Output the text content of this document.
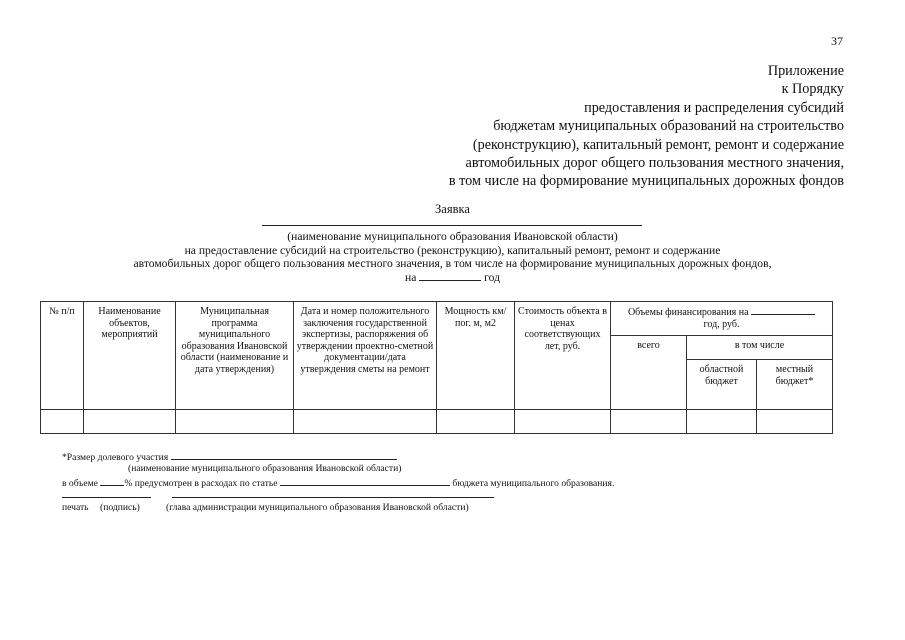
37
Приложение
к Порядку
предоставления и распределения субсидий
бюджетам муниципальных образований на строительство
(реконструкцию), капитальный ремонт, ремонт и содержание
автомобильных дорог общего пользования местного значения,
в том числе на формирование муниципальных дорожных фондов
Заявка
(наименование муниципального образования Ивановской области)
на предоставление субсидий на строительство (реконструкцию), капитальный ремонт, ремонт и содержание
автомобильных дорог общего пользования местного значения, в том числе на формирование муниципальных дорожных фондов,
на	год
№ п/п	Наименование объектов, мероприятий	Муниципальная программа муниципального образования Ивановской области (наименование и дата утверждения)	Дата и номер положительного заключения государственной экспертизы, распоряжения об утверждении проектно-сметной документации/дата утверждения сметы на ремонт	Мощность км/пог. м, м2	Стоимость объекта в ценах соответствующих лет, руб.	Объемы финансирования на
год, руб.		
						всего	в том числе	
							областной бюджет	местный бюджет*

*Размер долевого участия
(наименование муниципального образования Ивановской области)
в объеме	% предусмотрен в расходах по статье	бюджета муниципального образования.
печать (подпись)	(глава администрации муниципального образования Ивановской области)
